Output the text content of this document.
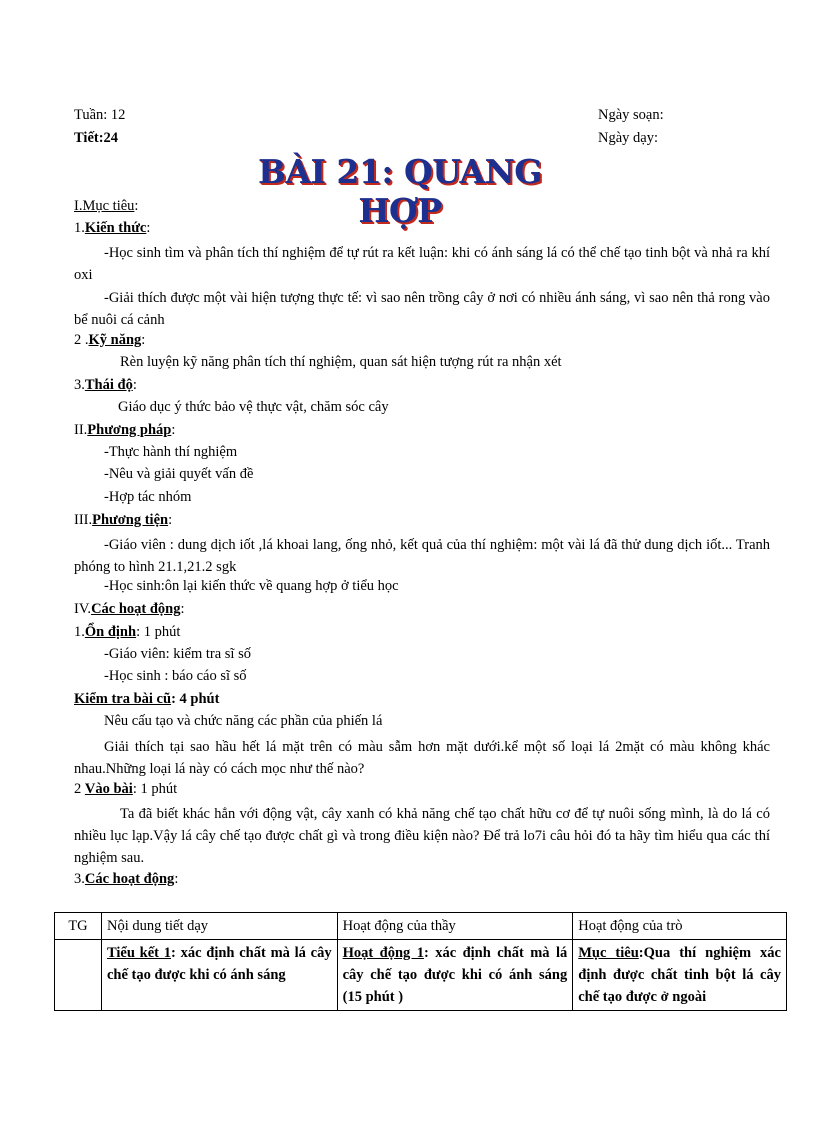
Tuần: 12
Tiết:24
Ngày soạn:
Ngày dạy:
BÀI 21: QUANG HỢP
I.Mục tiêu:
1.Kiến thức:
-Học sinh tìm và phân tích thí nghiệm để tự rút ra kết luận: khi có ánh sáng lá có thể chế tạo tinh bột và nhả ra khí oxi
-Giải thích được một vài hiện tượng thực tế: vì sao nên trồng cây ở nơi có nhiều ánh sáng, vì sao nên thả rong vào bể nuôi cá cảnh
2 .Kỹ năng:
Rèn luyện kỹ năng phân tích thí nghiệm, quan sát hiện tượng rút ra nhận xét
3.Thái độ:
Giáo dục ý thức bảo vệ thực vật, chăm sóc cây
II.Phương pháp:
-Thực hành thí nghiệm
-Nêu và giải quyết vấn đề
-Hợp tác nhóm
III.Phương tiện:
-Giáo viên : dung dịch iốt ,lá khoai lang, ống nhỏ, kết quả của thí nghiệm: một vài lá đã thử dung dịch iốt... Tranh phóng to hình 21.1,21.2 sgk
-Học sinh:ôn lại kiến thức về quang hợp ở tiểu học
IV.Các hoạt động:
1.Ổn định: 1 phút
-Giáo viên: kiểm tra sĩ số
-Học sinh : báo cáo sĩ số
Kiểm tra bài cũ: 4 phút
Nêu cấu tạo và chức năng các phần của phiến lá
Giải thích tại sao hầu hết lá mặt trên có màu sẫm hơn mặt dưới.kể một số loại lá 2mặt có màu không khác nhau.Những loại lá này có cách mọc như thế nào?
2 Vào bài: 1 phút
Ta đã biết khác hẳn với động vật, cây xanh có khả năng chế tạo chất hữu cơ để tự nuôi sống mình, là do lá có nhiều lục lạp.Vậy lá cây chế tạo được chất gì và trong điều kiện nào? Để trả lo7i câu hỏi đó ta hãy tìm hiểu qua các thí nghiệm sau.
3.Các hoạt động:
TG	Nội dung tiết dạy	Hoạt động của thầy	Hoạt động của trò
	Tiểu kết 1: xác định chất mà lá cây chế tạo được khi có ánh sáng	Hoạt động 1: xác định chất mà lá cây chế tạo được khi có ánh sáng (15 phút )	Mục tiêu:Qua thí nghiệm xác định được chất tinh bột lá cây chế tạo được ở ngoài
